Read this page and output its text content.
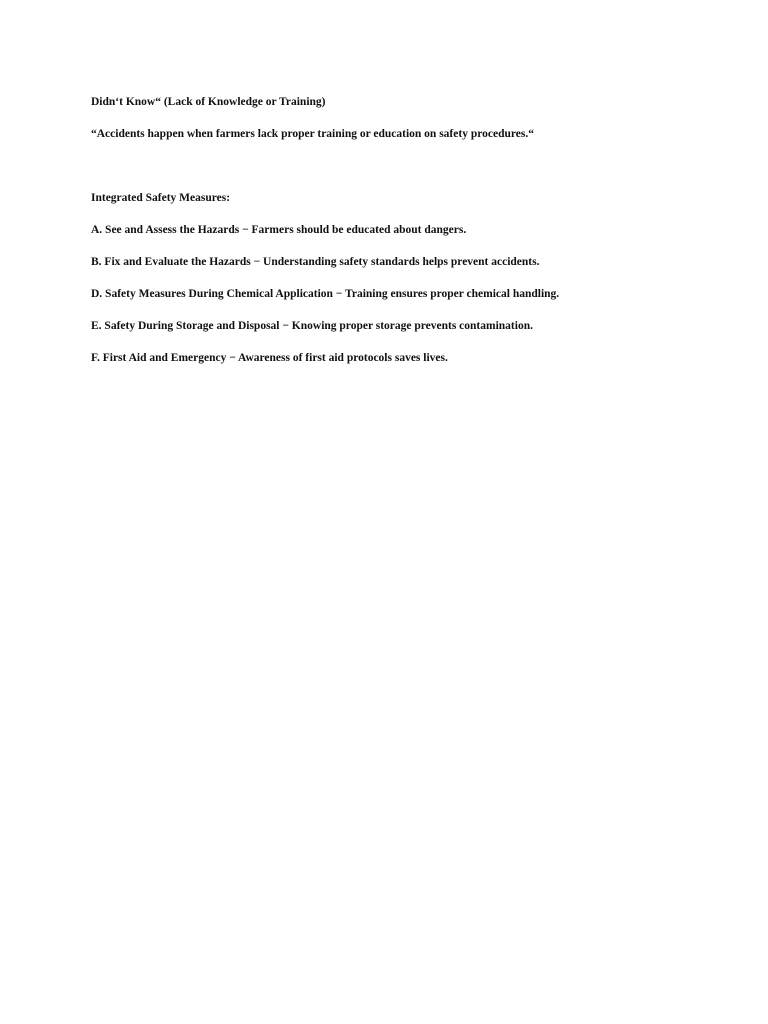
Didn‘t Know“ (Lack of Knowledge or Training)

“Accidents happen when farmers lack proper training or education on safety procedures.“

Integrated Safety Measures:

A. See and Assess the Hazards − Farmers should be educated about dangers.

B. Fix and Evaluate the Hazards − Understanding safety standards helps prevent accidents.

D. Safety Measures During Chemical Application − Training ensures proper chemical handling.

E. Safety During Storage and Disposal − Knowing proper storage prevents contamination.

F. First Aid and Emergency − Awareness of first aid protocols saves lives.
